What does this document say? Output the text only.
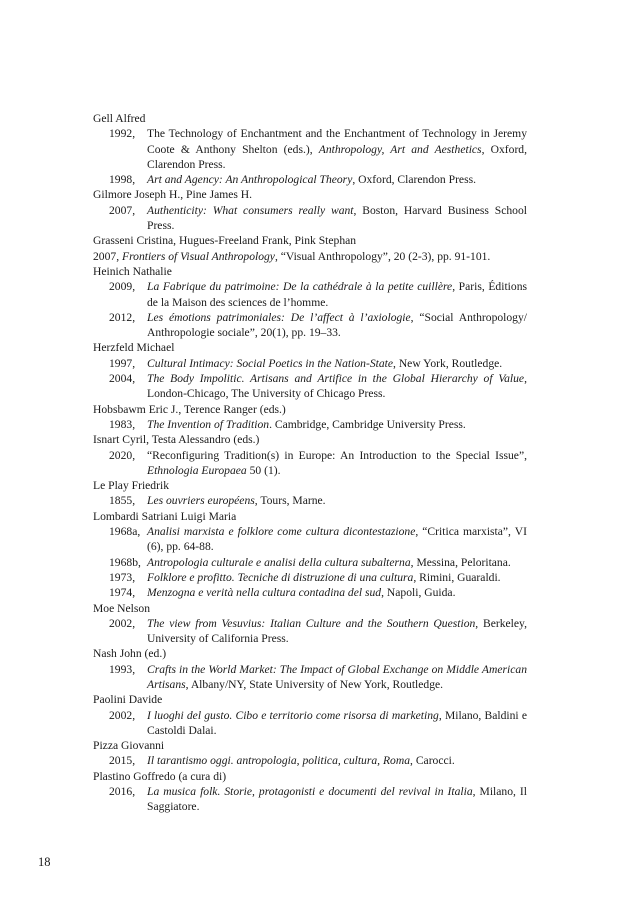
Gell Alfred
1992,	The Technology of Enchantment and the Enchantment of Technology in Jeremy Coote & Anthony Shelton (eds.), Anthropology, Art and Aesthetics, Oxford, Clarendon Press.
1998,	Art and Agency: An Anthropological Theory, Oxford, Clarendon Press.
Gilmore Joseph H., Pine James H.
2007,	Authenticity: What consumers really want, Boston, Harvard Business School Press.
Grasseni Cristina, Hugues-Freeland Frank, Pink Stephan
2007, Frontiers of Visual Anthropology, “Visual Anthropology”, 20 (2-3), pp. 91-101.
Heinich Nathalie
2009,	La Fabrique du patrimoine: De la cathédrale à la petite cuillère, Paris, Éditions de la Maison des sciences de l’homme.
2012,	Les émotions patrimoniales: De l’affect à l’axiologie, “Social Anthropology/ Anthropologie sociale”, 20(1), pp. 19–33.
Herzfeld Michael
1997,	Cultural Intimacy: Social Poetics in the Nation-State, New York, Routledge.
2004,	The Body Impolitic. Artisans and Artifice in the Global Hierarchy of Value, London-Chicago, The University of Chicago Press.
Hobsbawm Eric J., Terence Ranger (eds.)
1983,	The Invention of Tradition. Cambridge, Cambridge University Press.
Isnart Cyril, Testa Alessandro (eds.)
2020,	“Reconfiguring Tradition(s) in Europe: An Introduction to the Special Issue”, Ethnologia Europaea 50 (1).
Le Play Friedrik
1855,	Les ouvriers européens, Tours, Marne.
Lombardi Satriani Luigi Maria
1968a, Analisi marxista e folklore come cultura dicontestazione, “Critica marxista”, VI (6), pp. 64-88.
1968b, Antropologia culturale e analisi della cultura subalterna, Messina, Peloritana.
1973,	Folklore e profitto. Tecniche di distruzione di una cultura, Rimini, Guaraldi.
1974,	Menzogna e verità nella cultura contadina del sud, Napoli, Guida.
Moe Nelson
2002,	The view from Vesuvius: Italian Culture and the Southern Question, Berkeley, University of California Press.
Nash John (ed.)
1993,	Crafts in the World Market: The Impact of Global Exchange on Middle American Artisans, Albany/NY, State University of New York, Routledge.
Paolini Davide
2002,	I luoghi del gusto. Cibo e territorio come risorsa di marketing, Milano, Baldini e Castoldi Dalai.
Pizza Giovanni
2015,	Il tarantismo oggi. antropologia, politica, cultura, Roma, Carocci.
Plastino Goffredo (a cura di)
2016,	La musica folk. Storie, protagonisti e documenti del revival in Italia, Milano, Il Saggiatore.
18
